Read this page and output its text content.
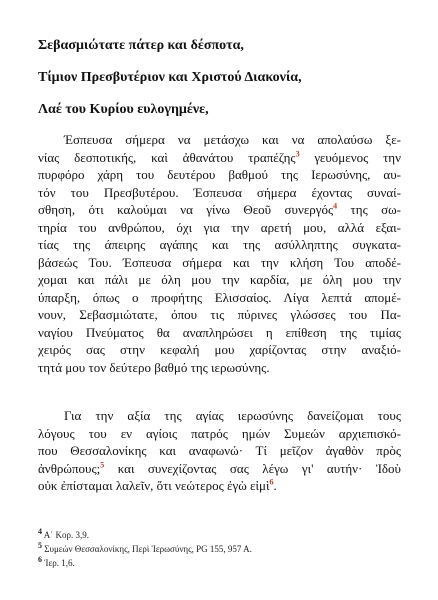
Σεβασμιώτατε πάτερ και δέσποτα,

Τίμιον Πρεσβυτέριον και Χριστού Διακονία,

Λαέ του Κυρίου ευλογημένε,

Έσπευσα σήμερα να μετάσχω και να απολαύσω ξε-
νίας δεσποτικής, καὶ ἀθανάτου τραπέζης$^3$ γευόμενος την
πυρφόρο χάρη του δευτέρου βαθμού της Ιερωσύνης, αυ-
τόν του Πρεσβυτέρου. Έσπευσα σήμερα έχοντας συναί-
σθηση, ότι καλούμαι να γίνω Θεοῦ συνεργός$^4$ της σω-
τηρία του ανθρώπου, όχι για την αρετή μου, αλλά εξαι-
τίας της άπειρης αγάπης και της ασύλληπτης συγκατα-
βάσεώς Του. Έσπευσα σήμερα και την κλήση Του αποδέ-
χομαι και πάλι με όλη μου την καρδία, με όλη μου την
ύπαρξη, όπως ο προφήτης Ελισσαίος. Λίγα λεπτά απομέ-
νουν, Σεβασμιώτατε, όπου τις πύρινες γλώσσες του Πα-
ναγίου Πνεύματος θα αναπληρώσει η επίθεση της τιμίας
χειρός σας στην κεφαλή μου χαρίζοντας στην αναξιό-
τητά μου τον δεύτερο βαθμό της ιερωσύνης.
Για την αξία της αγίας ιερωσύνης δανείζομαι τους
λόγους του εν αγίοις πατρός ημών Συμεών αρχιεπισκό-
που Θεσσαλονίκης και αναφωνώ· Τί μεῖζον ἀγαθὸν πρὸς
ἀνθρώπους;$^5$ και συνεχίζοντας σας λέγω γι' αυτήν· Ἰδοὺ
οὐκ ἐπίσταμαι λαλεῖν, ὅτι νεώτερος ἐγὼ εἰμὶ$^6$.
4 Α΄ Κορ. 3,9.
5 Συμεών Θεσσαλονίκης, Περὶ Ἱερωσύνης, PG 155, 957 A.
6 Ἱερ. 1,6.
